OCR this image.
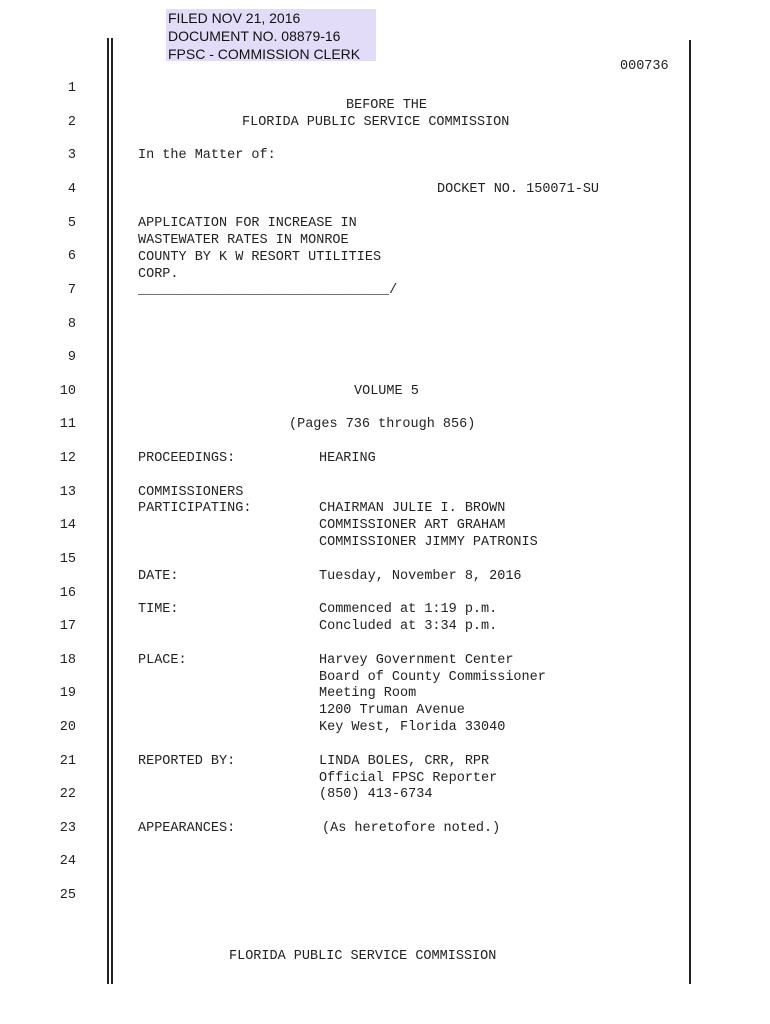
FILED NOV 21, 2016
DOCUMENT NO. 08879-16
FPSC - COMMISSION CLERK
000736
1
2
3
4
5
6
7
8
9
10
11
12
13
14
15
16
17
18
19
20
21
22
23
24
25
BEFORE THE
FLORIDA PUBLIC SERVICE COMMISSION
In the Matter of:
DOCKET NO. 150071-SU
APPLICATION FOR INCREASE IN
WASTEWATER RATES IN MONROE
COUNTY BY K W RESORT UTILITIES
CORP.
_______________________________/
VOLUME 5
(Pages 736 through 856)
PROCEEDINGS:	HEARING
COMMISSIONERS
PARTICIPATING:	CHAIRMAN JULIE I. BROWN
COMMISSIONER ART GRAHAM
COMMISSIONER JIMMY PATRONIS
DATE:	Tuesday, November 8, 2016
TIME:	Commenced at 1:19 p.m.
Concluded at 3:34 p.m.
PLACE:	Harvey Government Center
Board of County Commissioner
Meeting Room
1200 Truman Avenue
Key West, Florida 33040
REPORTED BY:	LINDA BOLES, CRR, RPR
Official FPSC Reporter
(850) 413-6734
APPEARANCES:	(As heretofore noted.)
FLORIDA PUBLIC SERVICE COMMISSION
